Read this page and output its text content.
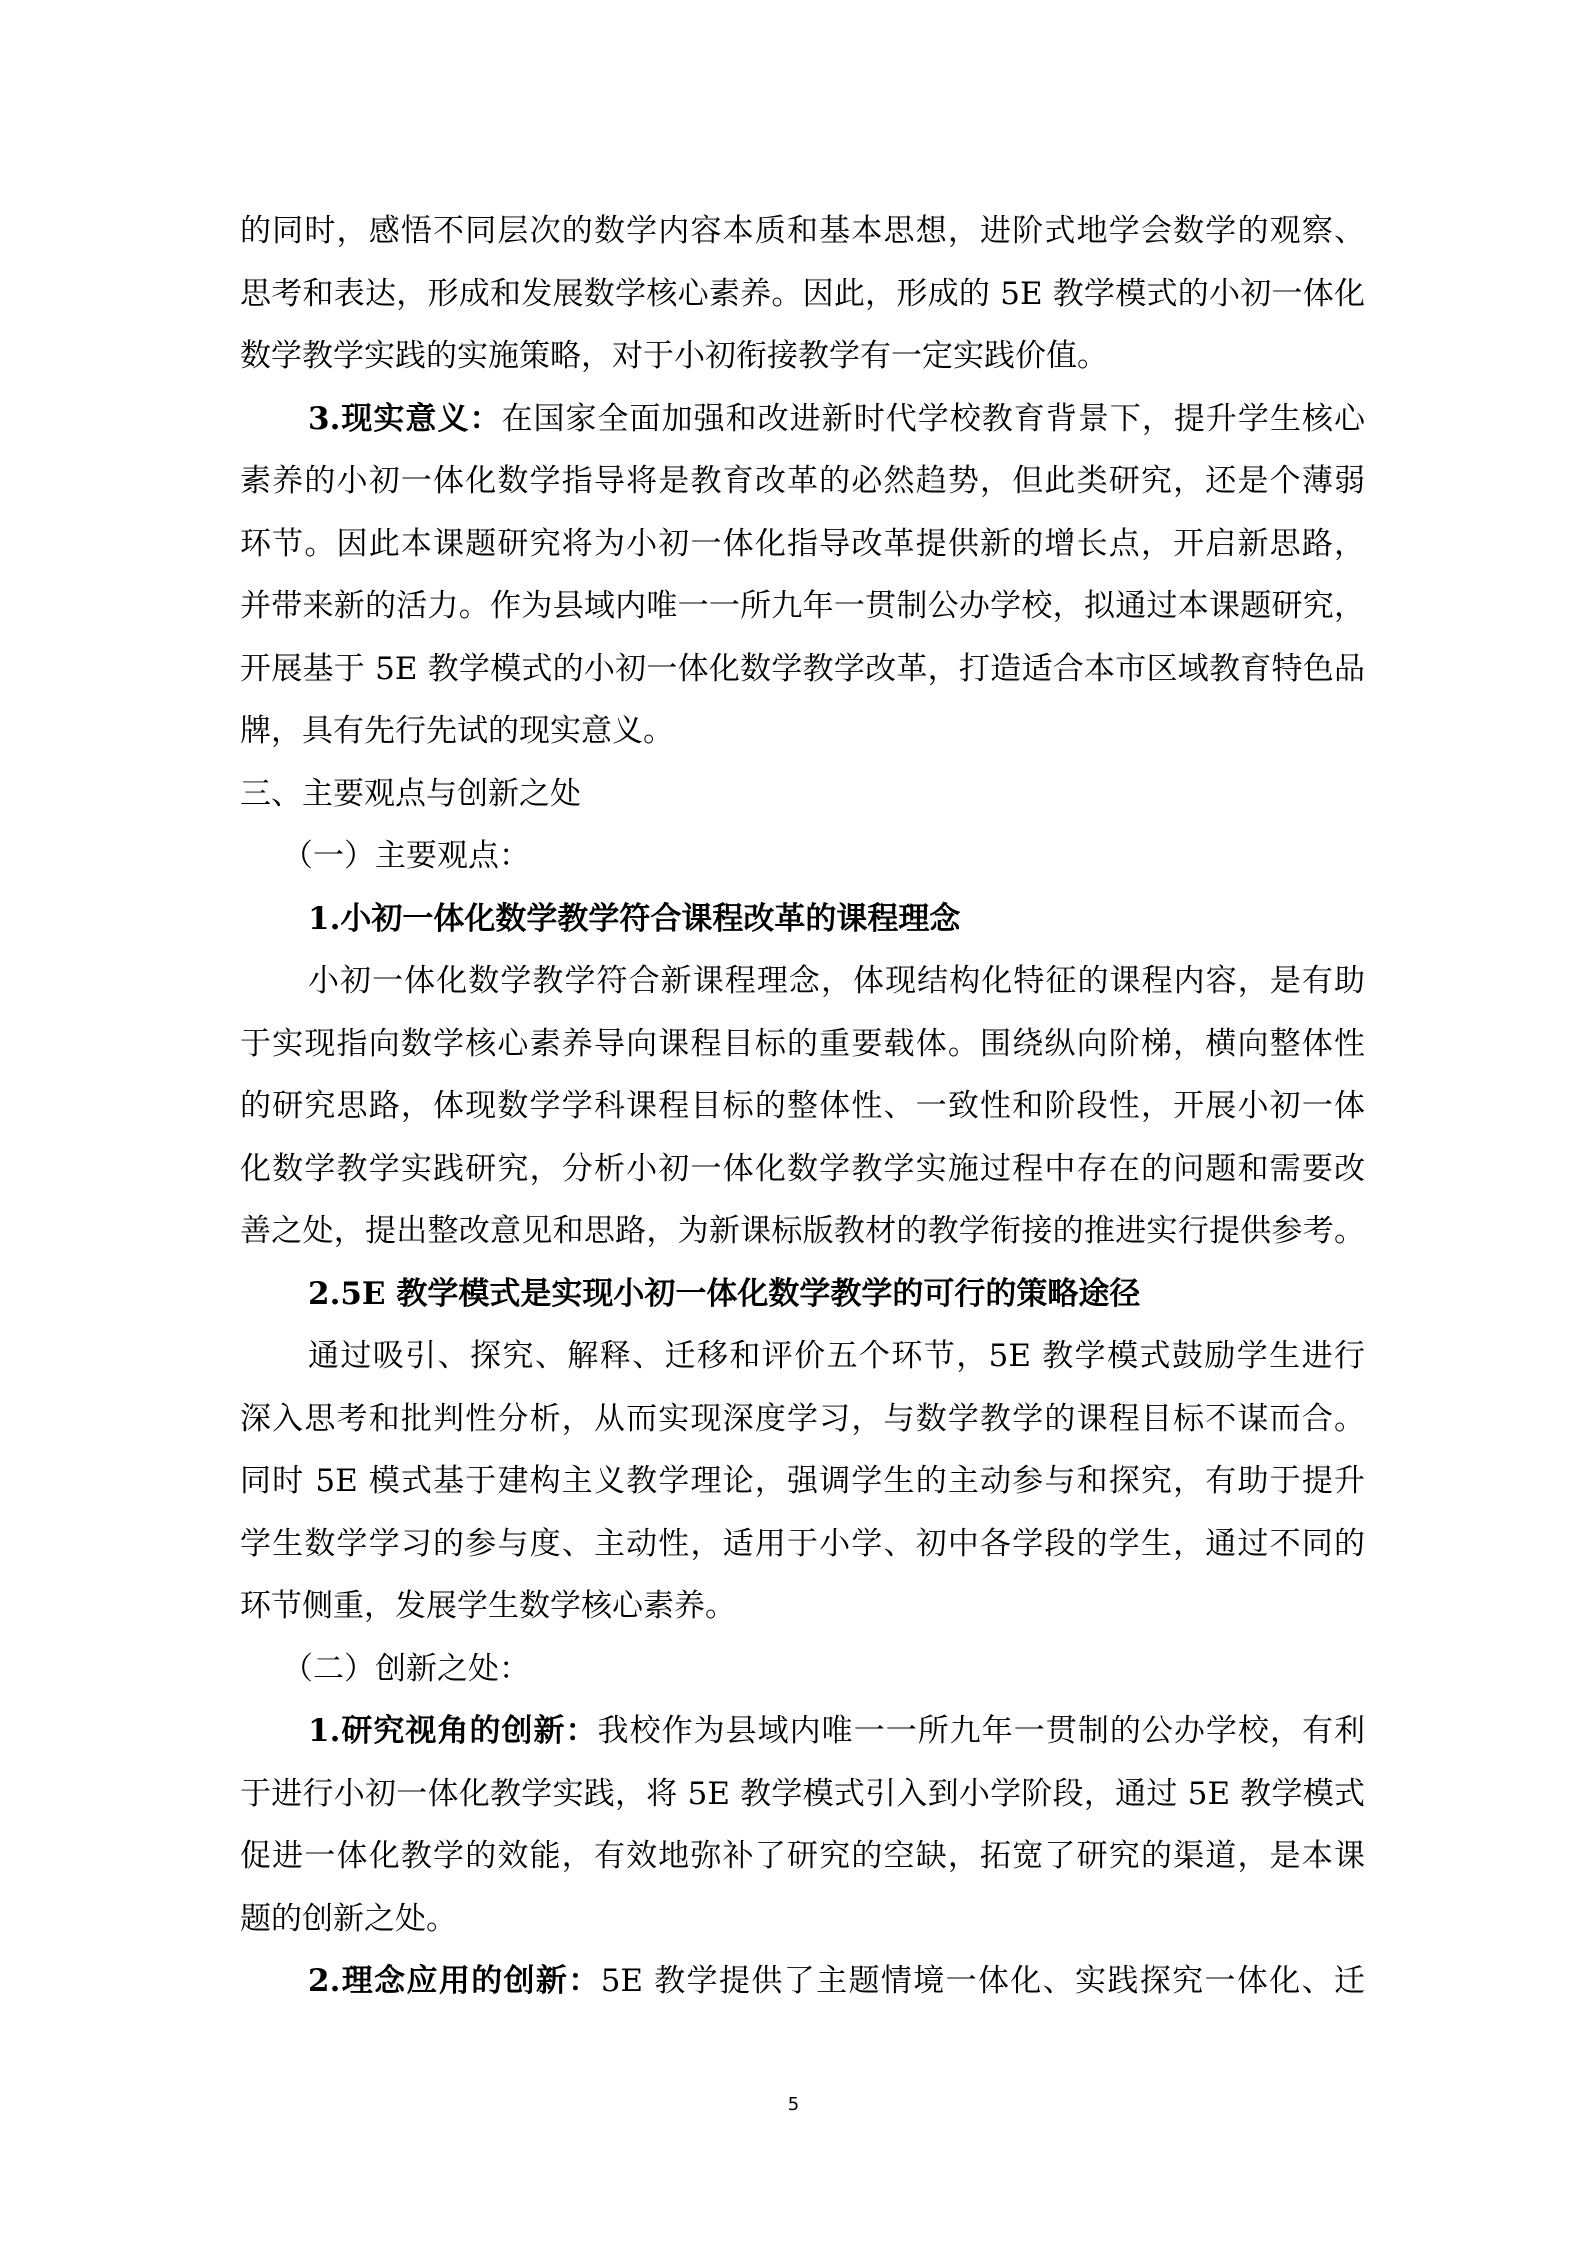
的同时，感悟不同层次的数学内容本质和基本思想，进阶式地学会数学的观察、
思考和表达，形成和发展数学核心素养。因此，形成的 5E 教学模式的小初一体化
数学教学实践的实施策略，对于小初衔接教学有一定实践价值。
3.现实意义：在国家全面加强和改进新时代学校教育背景下，提升学生核心
素养的小初一体化数学指导将是教育改革的必然趋势，但此类研究，还是个薄弱
环节。因此本课题研究将为小初一体化指导改革提供新的增长点，开启新思路，
并带来新的活力。作为县域内唯一一所九年一贯制公办学校，拟通过本课题研究，
开展基于 5E 教学模式的小初一体化数学教学改革，打造适合本市区域教育特色品
牌，具有先行先试的现实意义。
三、主要观点与创新之处
（一）主要观点：
1.小初一体化数学教学符合课程改革的课程理念
小初一体化数学教学符合新课程理念，体现结构化特征的课程内容，是有助
于实现指向数学核心素养导向课程目标的重要载体。围绕纵向阶梯，横向整体性
的研究思路，体现数学学科课程目标的整体性、一致性和阶段性，开展小初一体
化数学教学实践研究，分析小初一体化数学教学实施过程中存在的问题和需要改
善之处，提出整改意见和思路，为新课标版教材的教学衔接的推进实行提供参考。
2.5E 教学模式是实现小初一体化数学教学的可行的策略途径
通过吸引、探究、解释、迁移和评价五个环节，5E 教学模式鼓励学生进行
深入思考和批判性分析，从而实现深度学习，与数学教学的课程目标不谋而合。
同时 5E 模式基于建构主义教学理论，强调学生的主动参与和探究，有助于提升
学生数学学习的参与度、主动性，适用于小学、初中各学段的学生，通过不同的
环节侧重，发展学生数学核心素养。
（二）创新之处：
1.研究视角的创新：我校作为县域内唯一一所九年一贯制的公办学校，有利
于进行小初一体化教学实践，将 5E 教学模式引入到小学阶段，通过 5E 教学模式
促进一体化教学的效能，有效地弥补了研究的空缺，拓宽了研究的渠道，是本课
题的创新之处。
2.理念应用的创新：5E 教学提供了主题情境一体化、实践探究一体化、迁
5
